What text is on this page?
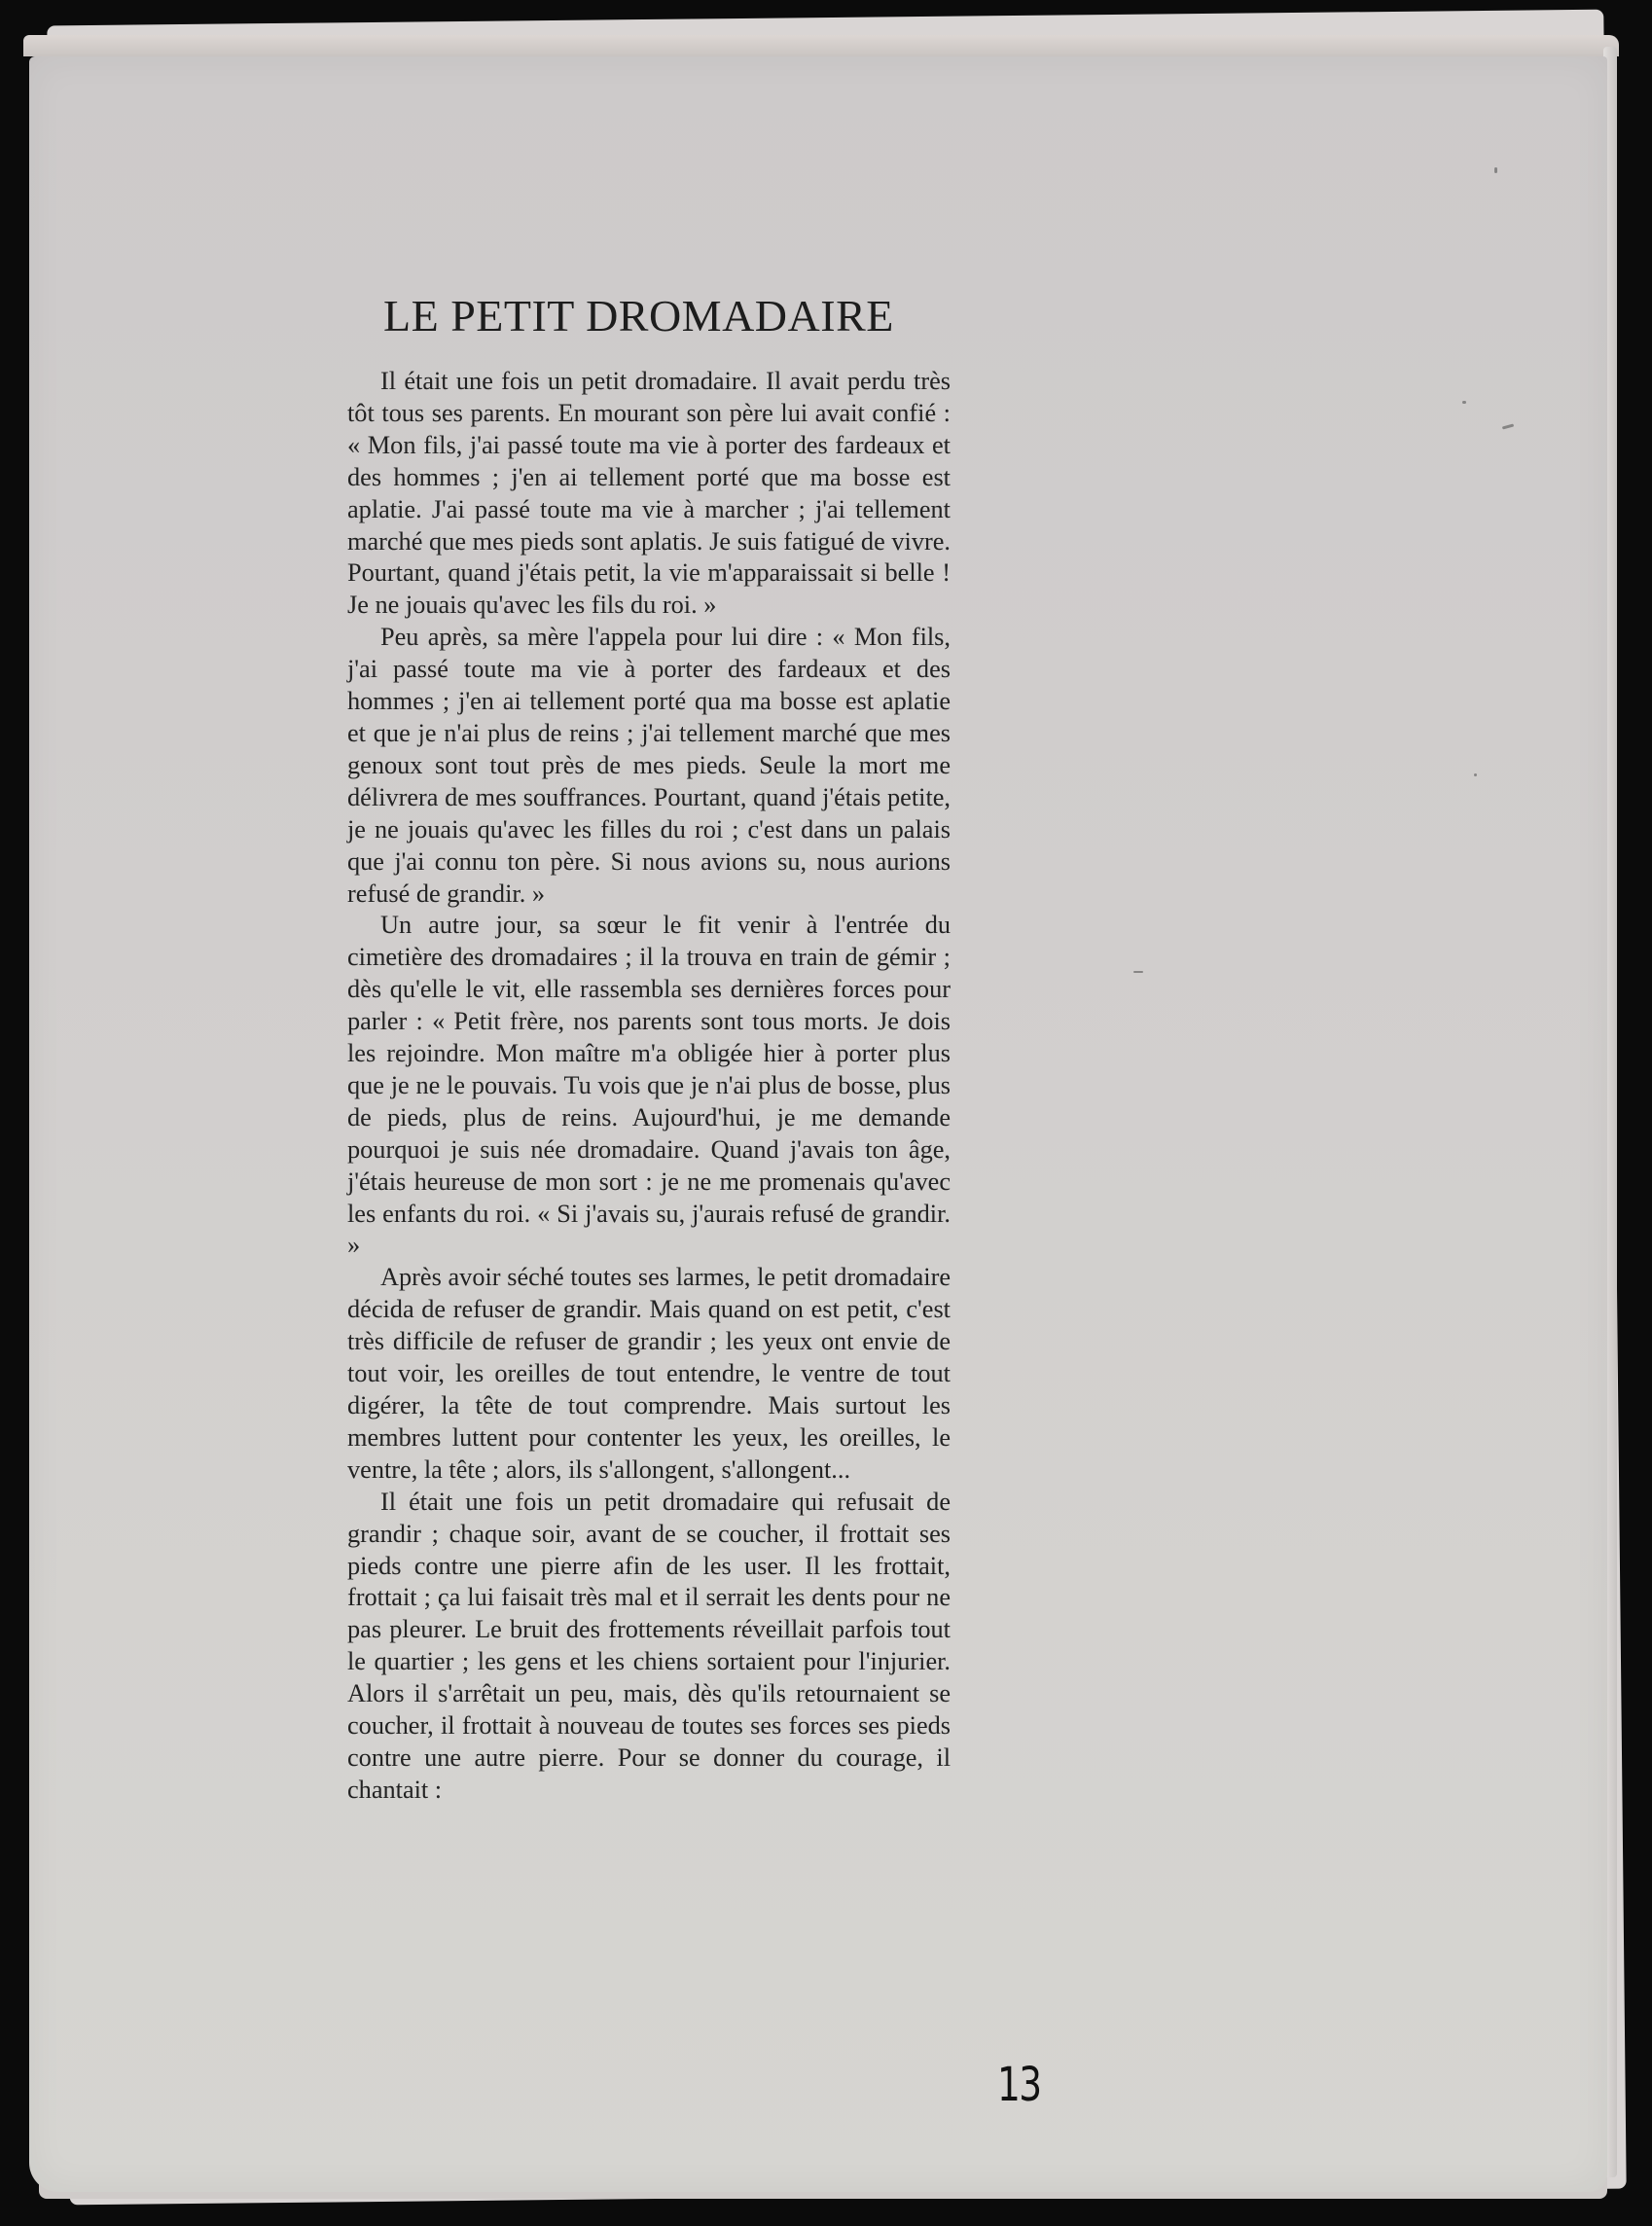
LE PETIT DROMADAIRE

Il était une fois un petit dromadaire. Il avait perdu très tôt tous ses parents. En mourant son père lui avait confié : « Mon fils, j'ai passé toute ma vie à porter des fardeaux et des hommes ; j'en ai tellement porté que ma bosse est aplatie. J'ai passé toute ma vie à marcher ; j'ai tellement marché que mes pieds sont aplatis. Je suis fatigué de vivre. Pourtant, quand j'étais petit, la vie m'apparaissait si belle ! Je ne jouais qu'avec les fils du roi. »

Peu après, sa mère l'appela pour lui dire : « Mon fils, j'ai passé toute ma vie à porter des fardeaux et des hommes ; j'en ai tellement porté qua ma bosse est aplatie et que je n'ai plus de reins ; j'ai tellement marché que mes genoux sont tout près de mes pieds. Seule la mort me délivrera de mes souffrances. Pourtant, quand j'étais petite, je ne jouais qu'avec les filles du roi ; c'est dans un palais que j'ai connu ton père. Si nous avions su, nous aurions refusé de grandir. »

Un autre jour, sa sœur le fit venir à l'entrée du cimetière des dromadaires ; il la trouva en train de gémir ; dès qu'elle le vit, elle rassembla ses dernières forces pour parler : « Petit frère, nos parents sont tous morts. Je dois les rejoindre. Mon maître m'a obligée hier à porter plus que je ne le pouvais. Tu vois que je n'ai plus de bosse, plus de pieds, plus de reins. Aujourd'hui, je me demande pourquoi je suis née dromadaire. Quand j'avais ton âge, j'étais heureuse de mon sort : je ne me promenais qu'avec les enfants du roi. « Si j'avais su, j'aurais refusé de grandir. »

Après avoir séché toutes ses larmes, le petit dromadaire décida de refuser de grandir. Mais quand on est petit, c'est très difficile de refuser de grandir ; les yeux ont envie de tout voir, les oreilles de tout entendre, le ventre de tout digérer, la tête de tout comprendre. Mais surtout les membres luttent pour contenter les yeux, les oreilles, le ventre, la tête ; alors, ils s'allongent, s'allongent...

Il était une fois un petit dromadaire qui refusait de grandir ; chaque soir, avant de se coucher, il frottait ses pieds contre une pierre afin de les user. Il les frottait, frottait ; ça lui faisait très mal et il serrait les dents pour ne pas pleurer. Le bruit des frottements réveillait parfois tout le quartier ; les gens et les chiens sortaient pour l'injurier. Alors il s'arrêtait un peu, mais, dès qu'ils retournaient se coucher, il frottait à nouveau de toutes ses forces ses pieds contre une autre pierre. Pour se donner du courage, il chantait :

13
